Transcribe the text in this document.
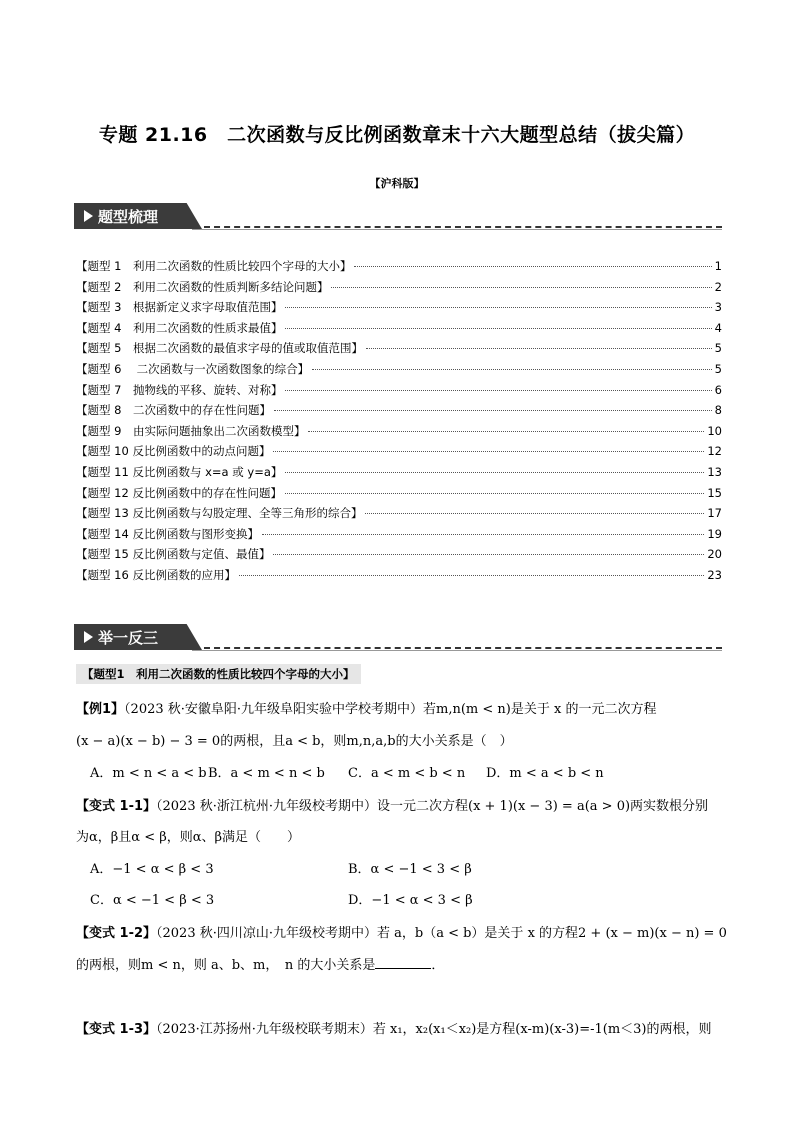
专题 21.16　二次函数与反比例函数章末十六大题型总结（拔尖篇）
【沪科版】
题型梳理
【题型 1　利用二次函数的性质比较四个字母的大小】	1
【题型 2　利用二次函数的性质判断多结论问题】	2
【题型 3　根据新定义求字母取值范围】	3
【题型 4　利用二次函数的性质求最值】	4
【题型 5　根据二次函数的最值求字母的值或取值范围】	5
【题型 6　 二次函数与一次函数图象的综合】	5
【题型 7　抛物线的平移、旋转、对称】	6
【题型 8　二次函数中的存在性问题】	8
【题型 9　由实际问题抽象出二次函数模型】	10
【题型 10 反比例函数中的动点问题】	12
【题型 11 反比例函数与 x=a 或 y=a】	13
【题型 12 反比例函数中的存在性问题】	15
【题型 13 反比例函数与勾股定理、全等三角形的综合】	17
【题型 14 反比例函数与图形变换】	19
【题型 15 反比例函数与定值、最值】	20
【题型 16 反比例函数的应用】	23
举一反三
【题型1　利用二次函数的性质比较四个字母的大小】
【例1】（2023 秋·安徽阜阳·九年级阜阳实验中学校考期中）若m,n(m < n)是关于 x 的一元二次方程
(x − a)(x − b) − 3 = 0的两根，且a < b，则m,n,a,b的大小关系是（　）
A．m < n < a < b B．a < m < n < b C．a < m < b < n D．m < a < b < n
【变式 1-1】（2023 秋·浙江杭州·九年级校考期中）设一元二次方程(x + 1)(x − 3) = a(a > 0)两实数根分别
为α，β且α < β，则α、β满足（　　）
A．−1 < α < β < 3	B．α < −1 < 3 < β
C．α < −1 < β < 3	D．−1 < α < 3 < β
【变式 1-2】（2023 秋·四川凉山·九年级校考期中）若 a，b（a < b）是关于 x 的方程2 + (x − m)(x − n) = 0
的两根，则m < n，则 a、b、m，　n 的大小关系是	．
【变式 1-3】（2023·江苏扬州·九年级校联考期末）若 x₁，x₂(x₁＜x₂)是方程(x-m)(x-3)=-1(m＜3)的两根，则
